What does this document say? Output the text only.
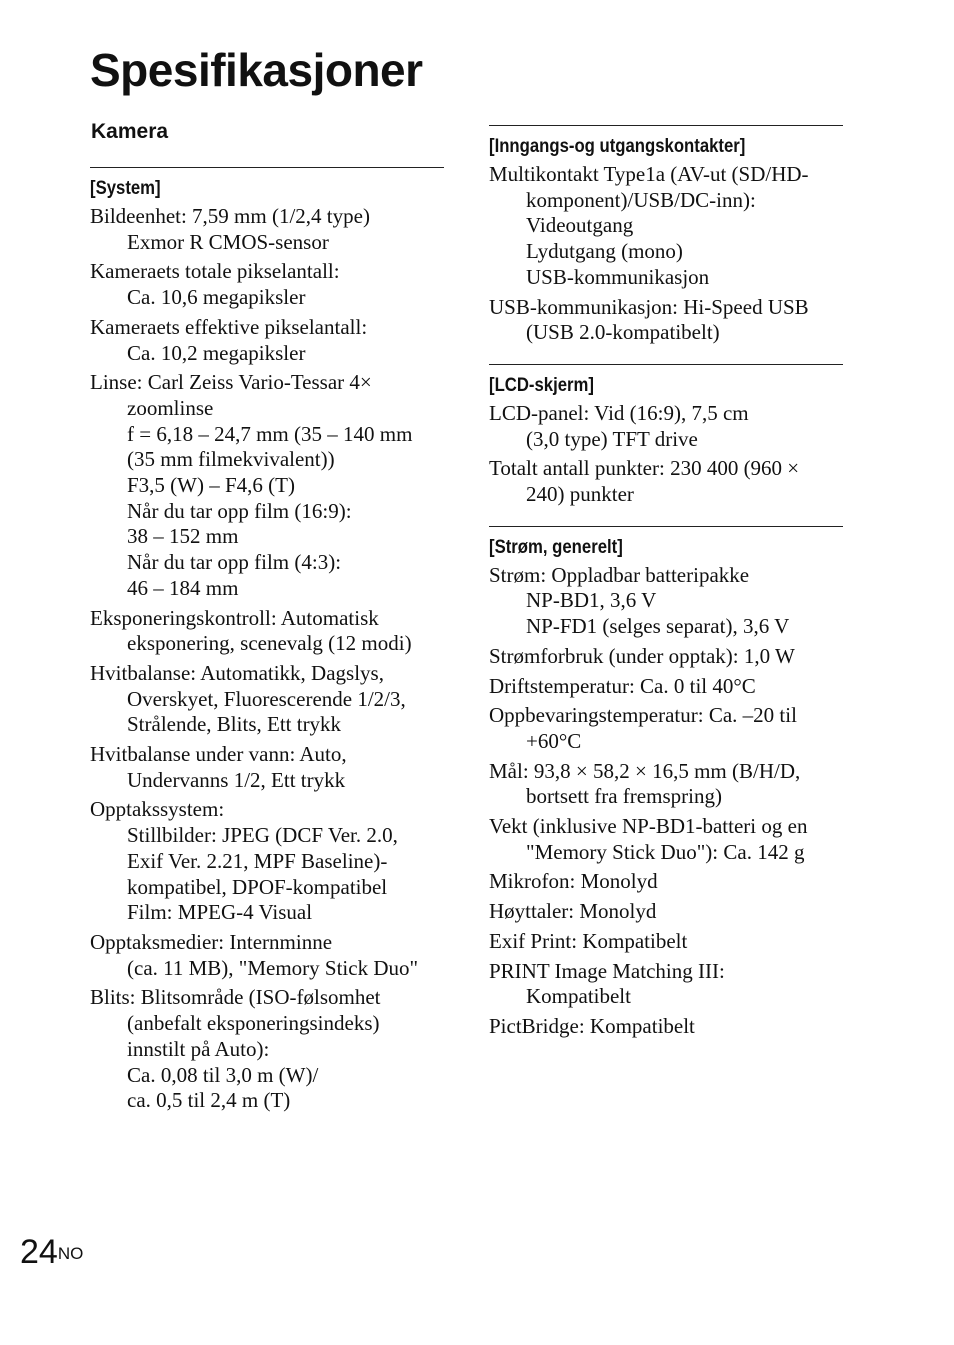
Spesifikasjoner
Kamera
[System]
Bildeenhet: 7,59 mm (1/2,4 type)
Exmor R CMOS-sensor
Kameraets totale pikselantall:
Ca. 10,6 megapiksler
Kameraets effektive pikselantall:
Ca. 10,2 megapiksler
Linse: Carl Zeiss Vario-Tessar 4×
zoomlinse
f = 6,18 – 24,7 mm (35 – 140 mm
(35 mm filmekvivalent))
F3,5 (W) – F4,6 (T)
Når du tar opp film (16:9):
38 – 152 mm
Når du tar opp film (4:3):
46 – 184 mm
Eksponeringskontroll: Automatisk
eksponering, scenevalg (12 modi)
Hvitbalanse: Automatikk, Dagslys,
Overskyet, Fluorescerende 1/2/3,
Strålende, Blits, Ett trykk
Hvitbalanse under vann: Auto,
Undervanns 1/2, Ett trykk
Opptakssystem:
Stillbilder: JPEG (DCF Ver. 2.0,
Exif Ver. 2.21, MPF Baseline)-
kompatibel, DPOF-kompatibel
Film: MPEG-4 Visual
Opptaksmedier: Internminne
(ca. 11 MB), "Memory Stick Duo"
Blits: Blitsområde (ISO-følsomhet
(anbefalt eksponeringsindeks)
innstilt på Auto):
Ca. 0,08 til 3,0 m (W)/
ca. 0,5 til 2,4 m (T)
[Inngangs-og utgangskontakter]
Multikontakt Type1a (AV-ut (SD/HD-
komponent)/USB/DC-inn):
Videoutgang
Lydutgang (mono)
USB-kommunikasjon
USB-kommunikasjon: Hi-Speed USB
(USB 2.0-kompatibelt)
[LCD-skjerm]
LCD-panel: Vid (16:9), 7,5 cm
(3,0 type) TFT drive
Totalt antall punkter: 230 400 (960 ×
240) punkter
[Strøm, generelt]
Strøm: Oppladbar batteripakke
NP-BD1, 3,6 V
NP-FD1 (selges separat), 3,6 V
Strømforbruk (under opptak): 1,0 W
Driftstemperatur: Ca. 0 til 40°C
Oppbevaringstemperatur: Ca. –20 til
+60°C
Mål: 93,8 × 58,2 × 16,5 mm (B/H/D,
bortsett fra fremspring)
Vekt (inklusive NP-BD1-batteri og en
"Memory Stick Duo"): Ca. 142 g
Mikrofon: Monolyd
Høyttaler: Monolyd
Exif Print: Kompatibelt
PRINT Image Matching III:
Kompatibelt
PictBridge: Kompatibelt
$24^{NO}$
